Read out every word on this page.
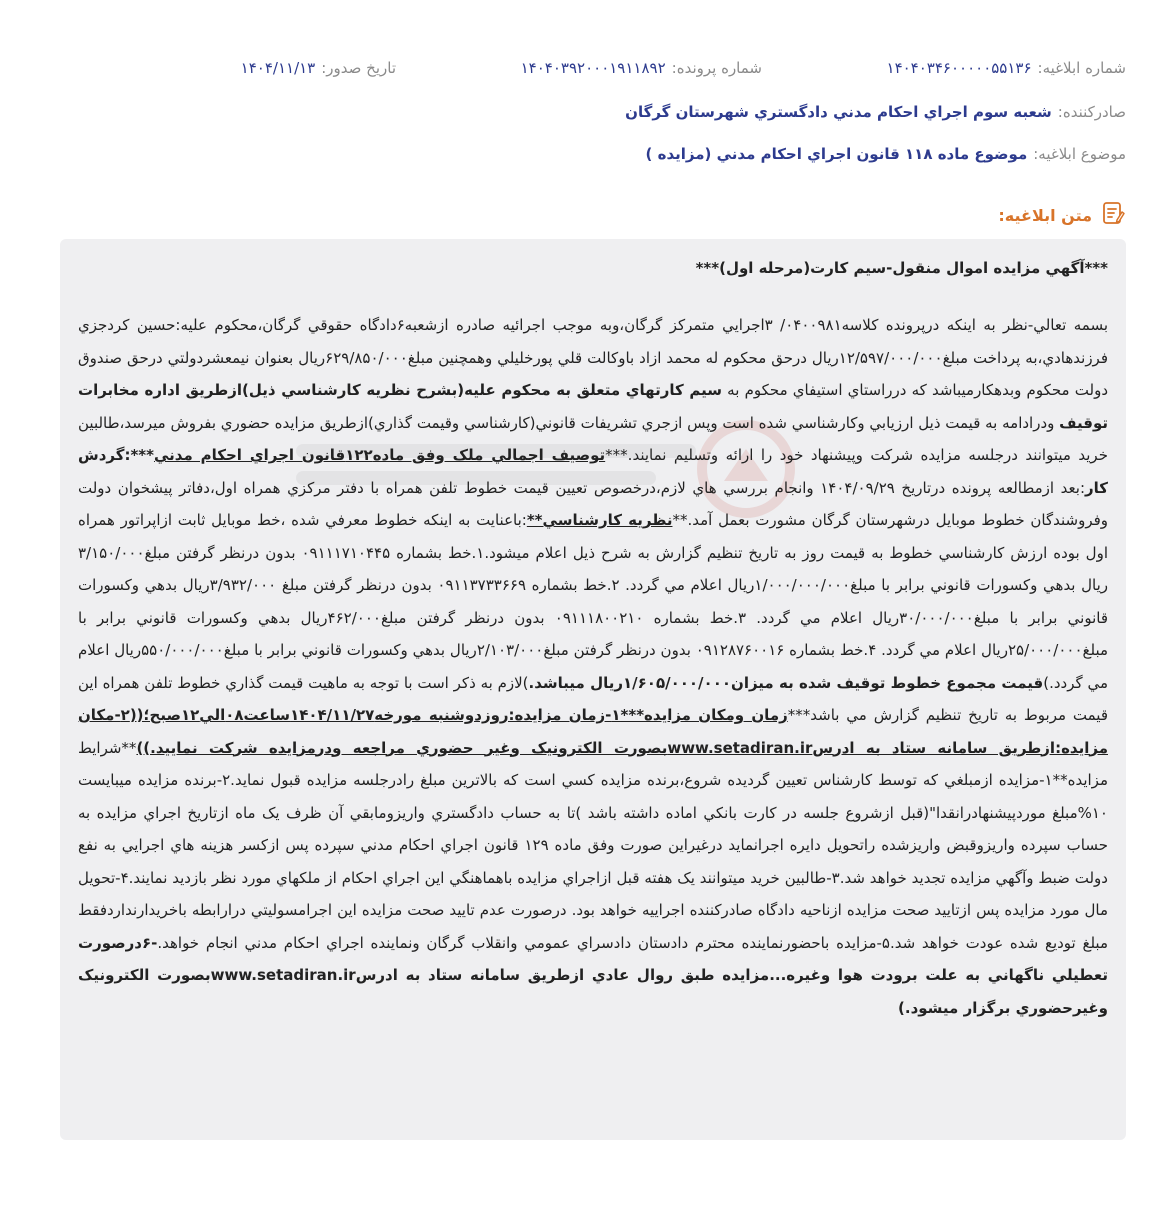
شماره ابلاغيه:
۱۴۰۴۰۳۴۶۰۰۰۰۰۵۵۱۳۶
شماره پرونده:
۱۴۰۴۰۳۹۲۰۰۰۱۹۱۱۸۹۲
تاريخ صدور:
۱۴۰۴/۱۱/۱۳
صادرکننده:
شعبه سوم اجراي احکام مدني دادگستري شهرستان گرگان
موضوع ابلاغيه:
موضوع ماده ۱۱۸ قانون اجراي احکام مدني (مزايده )
متن ابلاغيه:
***آگهي مزايده اموال منقول-سيم کارت(مرحله اول)***
بسمه تعالي-نظر به اينکه درپرونده کلاسه۰۴۰۰۹۸۱/ ۳اجرايي متمرکز گرگان،وبه موجب اجرائيه صادره ازشعبه۶دادگاه حقوقي گرگان،محکوم عليه:حسين کردجزي فرزندهادي،به پرداخت مبلغ۱۲/۵۹۷/۰۰۰/۰۰۰ريال درحق محکوم له محمد ازاد باوکالت قلي پورخليلي وهمچنين مبلغ۶۲۹/۸۵۰/۰۰۰ريال بعنوان نيمعشردولتي درحق صندوق دولت محکوم وبدهکارميباشد که درراستاي استيفاي محکوم به سيم کارتهاي متعلق به محکوم عليه(بشرح نظريه کارشناسي ذيل)ازطريق اداره مخابرات توقيف ودرادامه به قيمت ذيل ارزيابي وکارشناسي شده است وپس ازجري تشريفات قانوني(کارشناسي وقيمت گذاري)ازطريق مزايده حضوري بفروش ميرسد،طالبين خريد ميتوانند درجلسه مزايده شرکت وپيشنهاد خود را ارائه وتسليم نمايند.***توصيف اجمالي ملک وفق ماده۱۲۲قانون اجراي احکام مدني***:گردش کار:بعد ازمطالعه پرونده درتاريخ ۱۴۰۴/۰۹/۲۹ وانجام بررسي هاي لازم،درخصوص تعيين قيمت خطوط تلفن همراه با دفتر مرکزي همراه اول،دفاتر پيشخوان دولت وفروشندگان خطوط موبايل درشهرستان گرگان مشورت بعمل آمد.**نظريه کارشناسي**:باعنايت به اينکه خطوط معرفي شده ،خط موبايل ثابت ازاپراتور همراه اول بوده ارزش کارشناسي خطوط به قيمت روز به تاريخ تنظيم گزارش به شرح ذيل اعلام ميشود.۱.خط بشماره ۰۹۱۱۱۷۱۰۴۴۵ بدون درنظر گرفتن مبلغ۳/۱۵۰/۰۰۰ ريال بدهي وکسورات قانوني برابر با مبلغ۱/۰۰۰/۰۰۰/۰۰۰ريال اعلام مي گردد. ۲.خط بشماره ۰۹۱۱۳۷۳۳۶۶۹ بدون درنظر گرفتن مبلغ ۳/۹۳۲/۰۰۰ريال بدهي وکسورات قانوني برابر با مبلغ۳۰/۰۰۰/۰۰۰ريال اعلام مي گردد. ۳.خط بشماره ۰۹۱۱۱۸۰۰۲۱۰ بدون درنظر گرفتن مبلغ۴۶۲/۰۰۰ريال بدهي وکسورات قانوني برابر با مبلغ۲۵/۰۰۰/۰۰۰ريال اعلام مي گردد. ۴.خط بشماره ۰۹۱۲۸۷۶۰۰۱۶ بدون درنظر گرفتن مبلغ۲/۱۰۳/۰۰۰ريال بدهي وکسورات قانوني برابر با مبلغ۵۵۰/۰۰۰/۰۰۰ريال اعلام مي گردد.)قيمت مجموع خطوط توقيف شده به ميزان۱/۶۰۵/۰۰۰/۰۰۰ريال ميباشد.)لازم به ذکر است با توجه به ماهيت قيمت گذاري خطوط تلفن همراه اين قيمت مربوط به تاريخ تنظيم گزارش مي باشد***زمان ومکان مزايده***۱-زمان مزايده:روزدوشنبه مورخه۱۴۰۴/۱۱/۲۷ساعت۰۸الي۱۲صبح؛((۲-مکان مزايده:ازطريق سامانه ستاد به ادرسwww.setadiran.irبصورت الکترونيک وغير حضوري مراجعه ودرمزايده شرکت نماييد.))**شرايط مزايده**۱-مزايده ازمبلغي که توسط کارشناس تعيين گرديده شروع،برنده مزايده کسي است که بالاترين مبلغ رادرجلسه مزايده قبول نمايد.۲-برنده مزايده ميبايست ۱۰%مبلغ موردپيشنهادرانقدا"(قبل ازشروع جلسه در کارت بانکي اماده داشته باشد )تا به حساب دادگستري واريزومابقي آن ظرف يک ماه ازتاريخ اجراي مزايده به حساب سپرده واريزوقبض واريزشده راتحويل دايره اجرانمايد درغيراين صورت وفق ماده ۱۲۹ قانون اجراي احکام مدني سپرده پس ازکسر هزينه هاي اجرايي به نفع دولت ضبط وآگهي مزايده تجديد خواهد شد.۳-طالبين خريد ميتوانند يک هفته قبل ازاجراي مزايده باهماهنگي اين اجراي احکام از ملکهاي مورد نظر بازديد نمايند.۴-تحويل مال مورد مزايده پس ازتاييد صحت مزايده ازناحيه دادگاه صادرکننده اجراييه خواهد بود. درصورت عدم تاييد صحت مزايده اين اجرامسوليتي درارابطه باخريدارنداردفقط مبلغ توديع شده عودت خواهد شد.۵-مزايده باحضورنماينده محترم دادستان دادسراي عمومي وانقلاب گرگان ونماينده اجراي احکام مدني انجام خواهد.-۶درصورت تعطيلي ناگهاني به علت برودت هوا وغيره...مزايده طبق روال عادي ازطريق سامانه ستاد به ادرسwww.setadiran.irبصورت الکترونيک وغيرحضوري برگزار ميشود.)
